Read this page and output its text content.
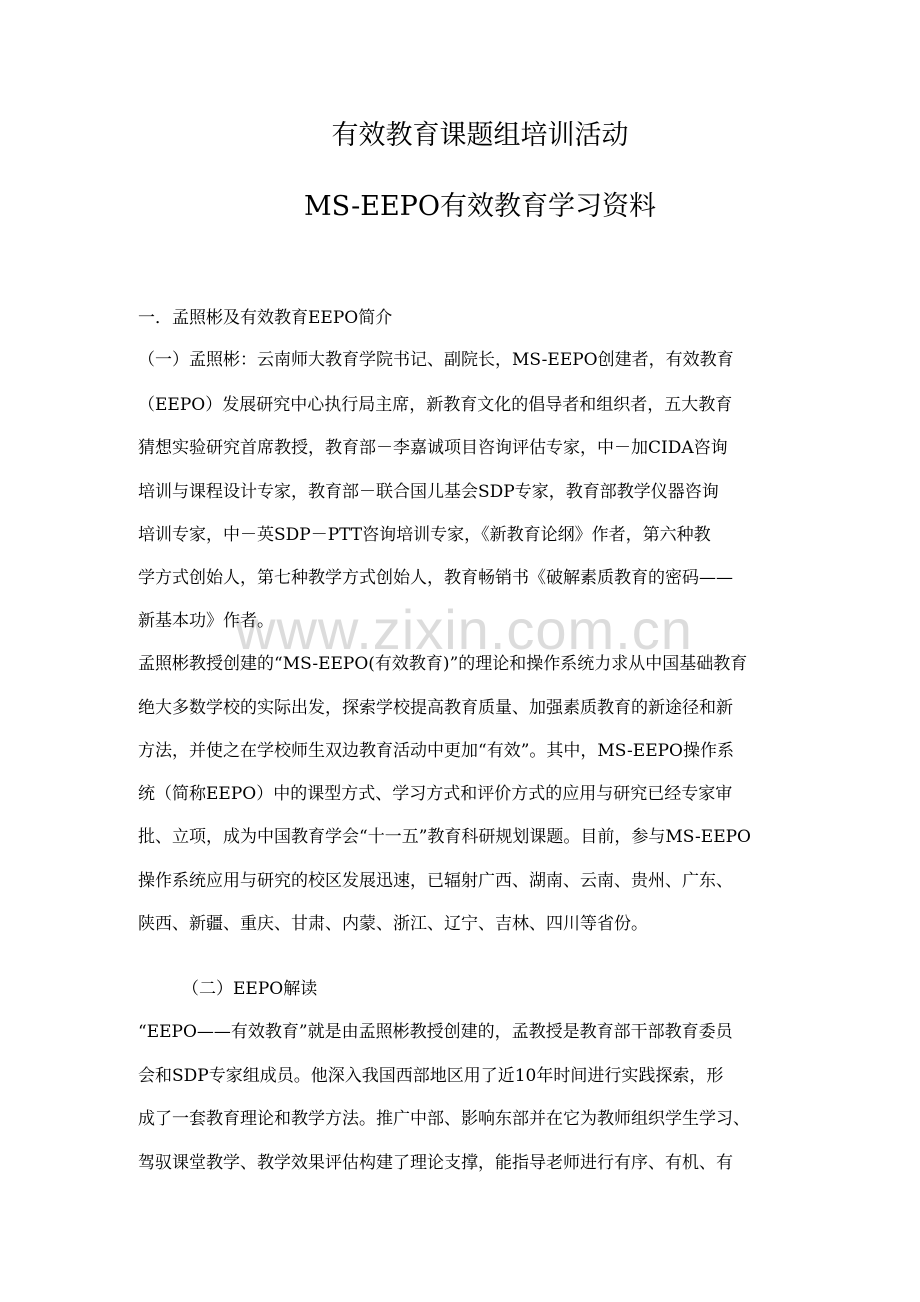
有效教育课题组培训活动
MS-EEPO有效教育学习资料
www.zixin.com.cn
一．孟照彬及有效教育EEPO简介
（一）孟照彬：云南师大教育学院书记、副院长，MS-EEPO创建者，有效教育
（EEPO）发展研究中心执行局主席，新教育文化的倡导者和组织者，五大教育
猜想实验研究首席教授，教育部－李嘉诚项目咨询评估专家，中－加CIDA咨询
培训与课程设计专家，教育部－联合国儿基会SDP专家，教育部教学仪器咨询
培训专家，中－英SDP－PTT咨询培训专家，《新教育论纲》作者，第六种教
学方式创始人，第七种教学方式创始人，教育畅销书《破解素质教育的密码——
新基本功》作者。
孟照彬教授创建的“MS-EEPO(有效教育)”的理论和操作系统力求从中国基础教育
绝大多数学校的实际出发，探索学校提高教育质量、加强素质教育的新途径和新
方法，并使之在学校师生双边教育活动中更加“有效”。其中，MS-EEPO操作系
统（简称EEPO）中的课型方式、学习方式和评价方式的应用与研究已经专家审
批、立项，成为中国教育学会“十一五”教育科研规划课题。目前，参与MS-EEPO
操作系统应用与研究的校区发展迅速，已辐射广西、湖南、云南、贵州、广东、
陕西、新疆、重庆、甘肃、内蒙、浙江、辽宁、吉林、四川等省份。
（二）EEPO解读
“EEPO——有效教育”就是由孟照彬教授创建的，孟教授是教育部干部教育委员
会和SDP专家组成员。他深入我国西部地区用了近10年时间进行实践探索，形
成了一套教育理论和教学方法。推广中部、影响东部并在它为教师组织学生学习、
驾驭课堂教学、教学效果评估构建了理论支撑，能指导老师进行有序、有机、有
